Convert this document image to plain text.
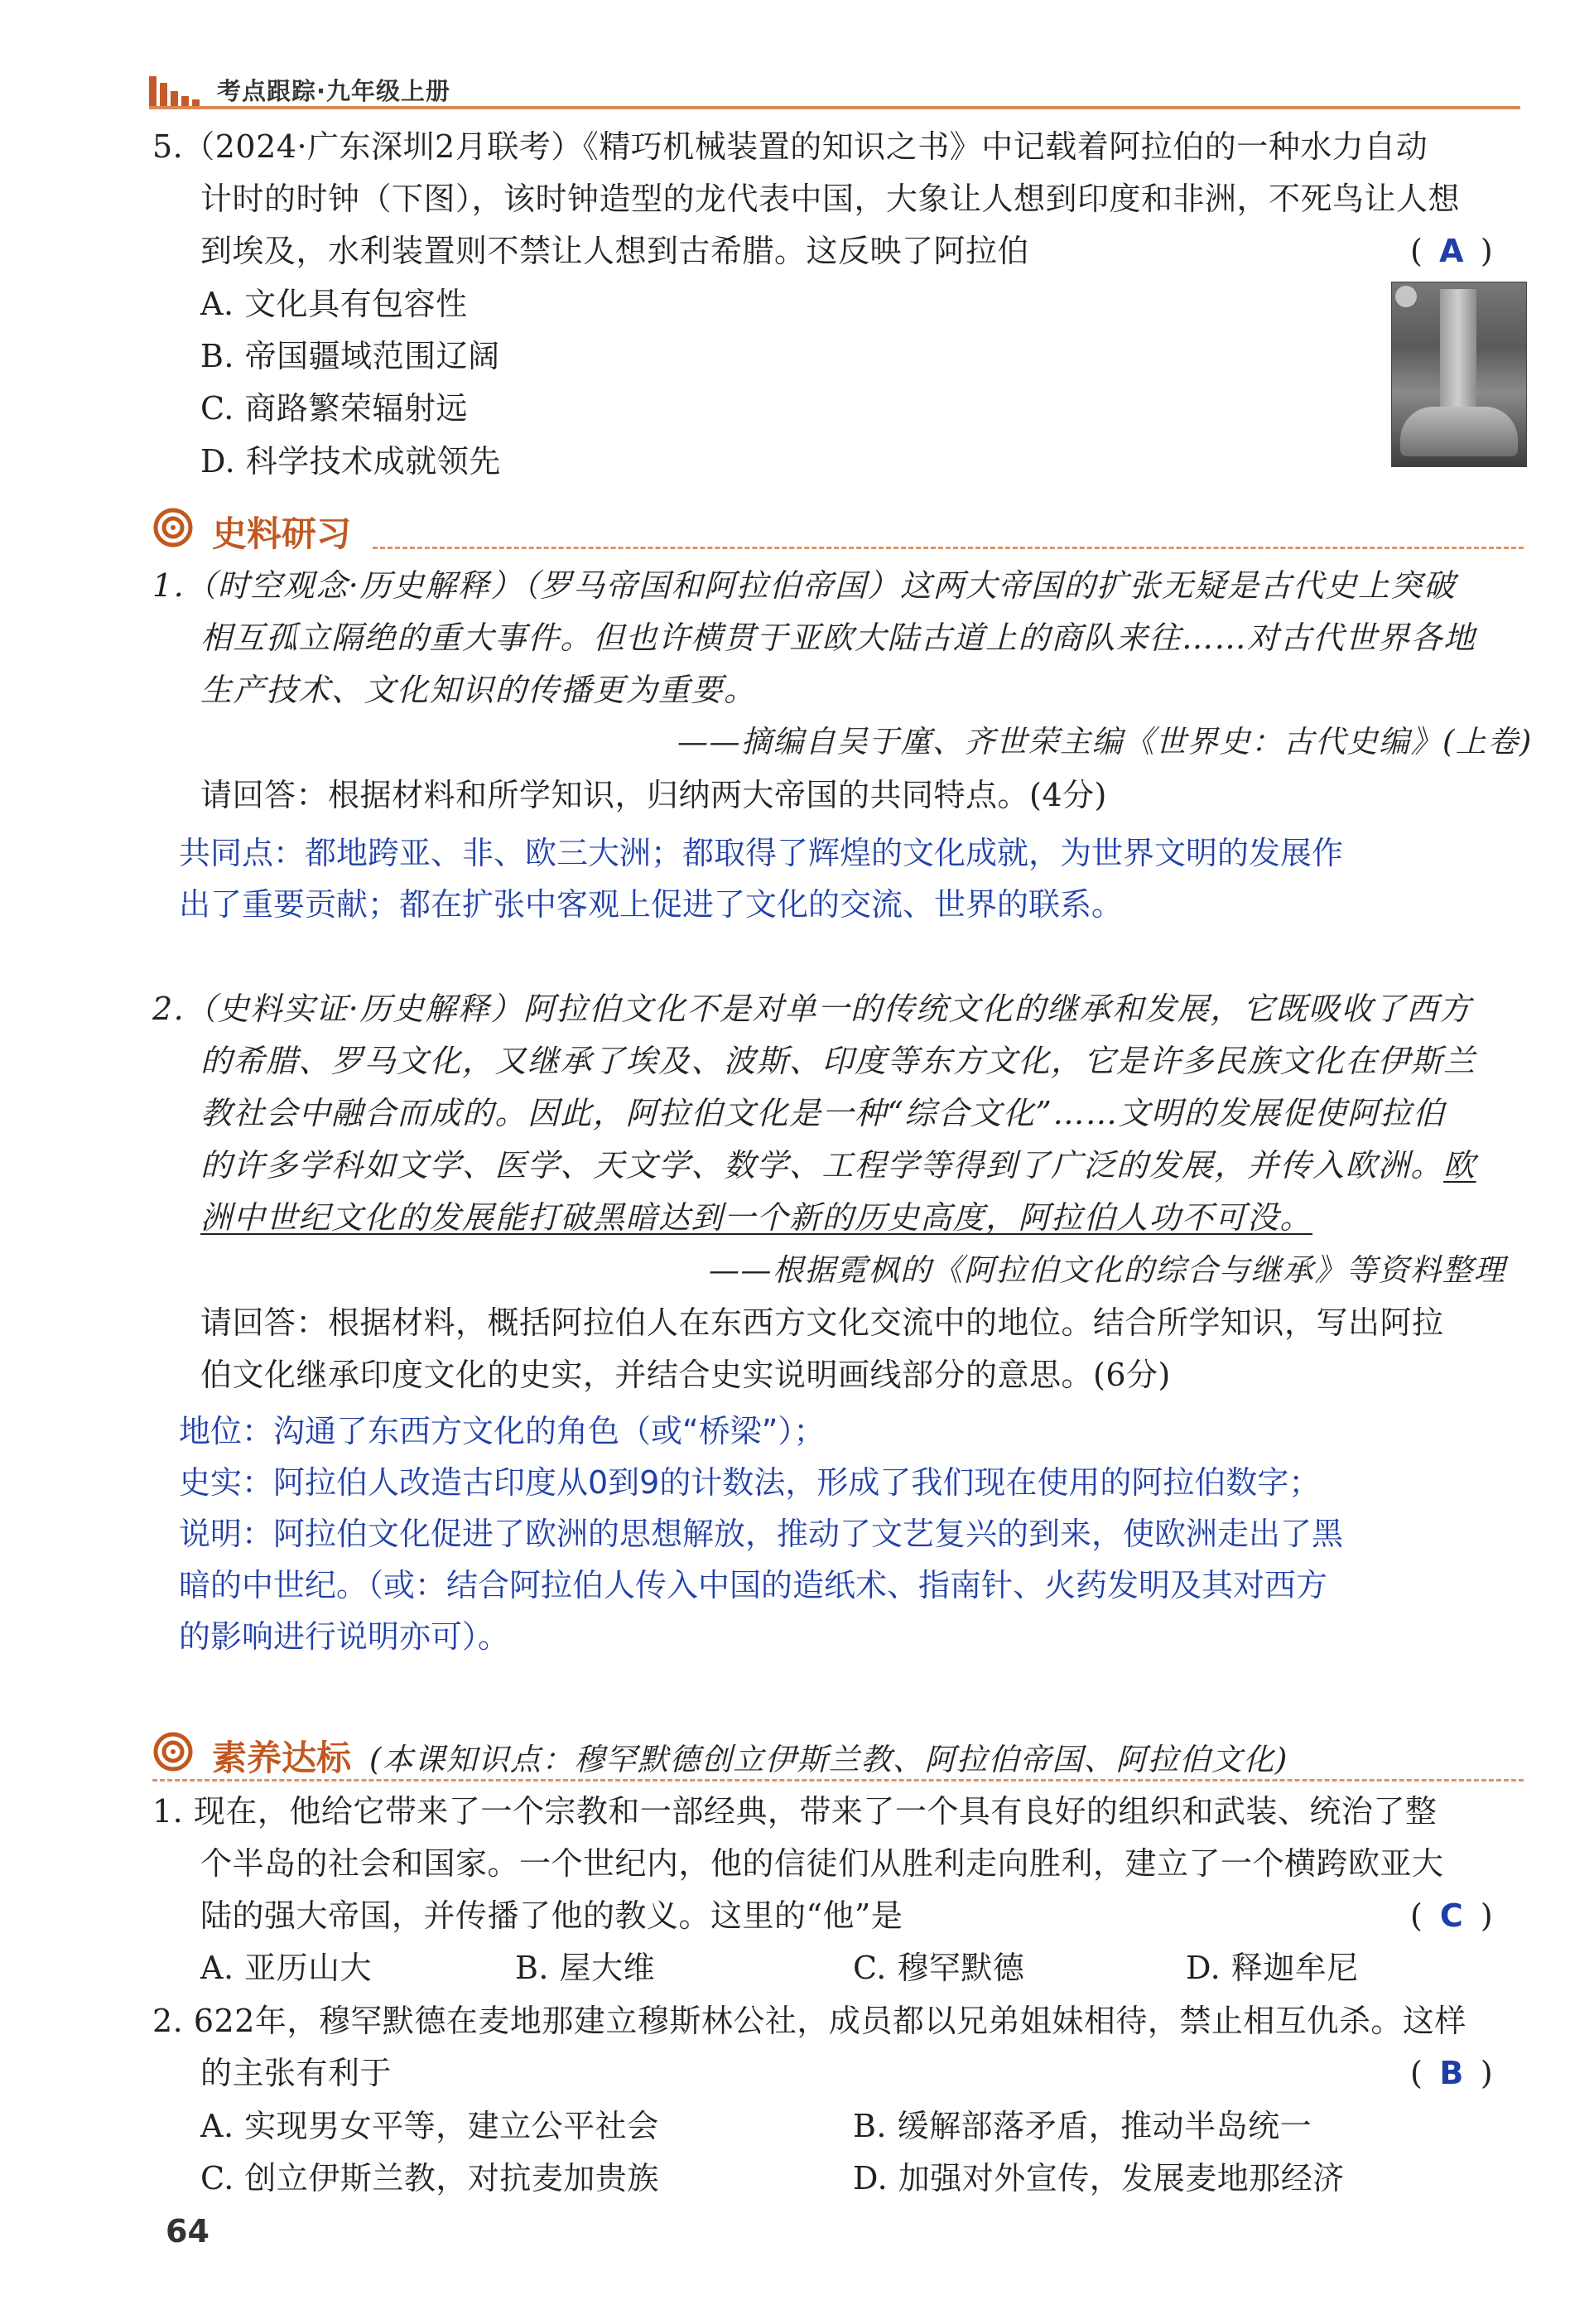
考点跟踪·九年级上册
5.（2024·广东深圳2月联考）《精巧机械装置的知识之书》中记载着阿拉伯的一种水力自动
计时的时钟（下图），该时钟造型的龙代表中国，大象让人想到印度和非洲，不死鸟让人想
到埃及，水利装置则不禁让人想到古希腊。这反映了阿拉伯	( A )
A. 文化具有包容性
B. 帝国疆域范围辽阔
C. 商路繁荣辐射远
D. 科学技术成就领先
史料研习
1.（时空观念·历史解释）（罗马帝国和阿拉伯帝国）这两大帝国的扩张无疑是古代史上突破
相互孤立隔绝的重大事件。但也许横贯于亚欧大陆古道上的商队来往……对古代世界各地
生产技术、文化知识的传播更为重要。
——摘编自吴于廑、齐世荣主编《世界史：古代史编》(上卷)
请回答：根据材料和所学知识，归纳两大帝国的共同特点。(4分)
共同点：都地跨亚、非、欧三大洲；都取得了辉煌的文化成就，为世界文明的发展作
出了重要贡献；都在扩张中客观上促进了文化的交流、世界的联系。
2.（史料实证·历史解释）阿拉伯文化不是对单一的传统文化的继承和发展，它既吸收了西方
的希腊、罗马文化，又继承了埃及、波斯、印度等东方文化，它是许多民族文化在伊斯兰
教社会中融合而成的。因此，阿拉伯文化是一种“综合文化”……文明的发展促使阿拉伯
的许多学科如文学、医学、天文学、数学、工程学等得到了广泛的发展，并传入欧洲。欧
洲中世纪文化的发展能打破黑暗达到一个新的历史高度，阿拉伯人功不可没。
——根据霓枫的《阿拉伯文化的综合与继承》等资料整理
请回答：根据材料，概括阿拉伯人在东西方文化交流中的地位。结合所学知识，写出阿拉
伯文化继承印度文化的史实，并结合史实说明画线部分的意思。(6分)
地位：沟通了东西方文化的角色（或“桥梁”）；
史实：阿拉伯人改造古印度从0到9的计数法，形成了我们现在使用的阿拉伯数字；
说明：阿拉伯文化促进了欧洲的思想解放，推动了文艺复兴的到来，使欧洲走出了黑
暗的中世纪。（或：结合阿拉伯人传入中国的造纸术、指南针、火药发明及其对西方
的影响进行说明亦可）。
素养达标 (本课知识点：穆罕默德创立伊斯兰教、阿拉伯帝国、阿拉伯文化)
1. 现在，他给它带来了一个宗教和一部经典，带来了一个具有良好的组织和武装、统治了整
个半岛的社会和国家。一个世纪内，他的信徒们从胜利走向胜利，建立了一个横跨欧亚大
陆的强大帝国，并传播了他的教义。这里的“他”是	( C )
A. 亚历山大	B. 屋大维	C. 穆罕默德	D. 释迦牟尼
2. 622年，穆罕默德在麦地那建立穆斯林公社，成员都以兄弟姐妹相待，禁止相互仇杀。这样
的主张有利于	( B )
A. 实现男女平等，建立公平社会	B. 缓解部落矛盾，推动半岛统一
C. 创立伊斯兰教，对抗麦加贵族	D. 加强对外宣传，发展麦地那经济
64
